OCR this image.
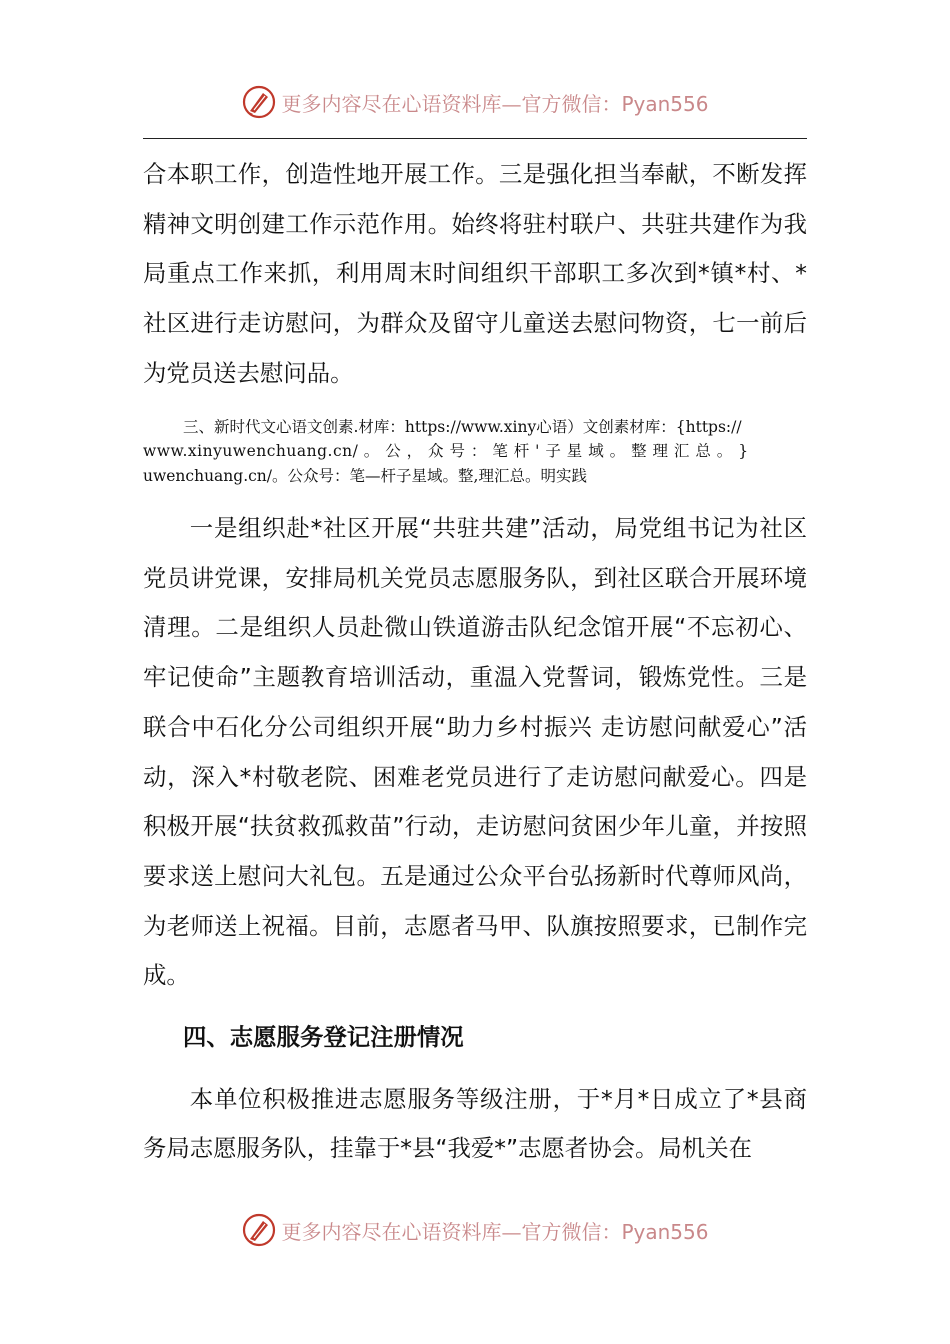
更多内容尽在心语资料库—官方微信：Pyan556

合本职工作，创造性地开展工作。三是强化担当奉献，不断发挥精神文明创建工作示范作用。始终将驻村联户、共驻共建作为我局重点工作来抓，利用周末时间组织干部职工多次到*镇*村、*社区进行走访慰问，为群众及留守儿童送去慰问物资，七一前后为党员送去慰问品。

三、新时代文心语文创素.材库：https://www.xiny心语）文创素材库：{https://
www.xinyuwenchuang.cn/ 。 公 ， 众 号 ： 笔 杆 ' 子 星 域 。 整 理 汇 总 。 }
uwenchuang.cn/。公众号：笔—杆子星域。整,理汇总。明实践

一是组织赴*社区开展“共驻共建”活动，局党组书记为社区党员讲党课，安排局机关党员志愿服务队，到社区联合开展环境清理。二是组织人员赴微山铁道游击队纪念馆开展“不忘初心、牢记使命”主题教育培训活动，重温入党誓词，锻炼党性。三是联合中石化分公司组织开展“助力乡村振兴 走访慰问献爱心”活动，深入*村敬老院、困难老党员进行了走访慰问献爱心。四是积极开展“扶贫救孤救苗”行动，走访慰问贫困少年儿童，并按照要求送上慰问大礼包。五是通过公众平台弘扬新时代尊师风尚，为老师送上祝福。目前，志愿者马甲、队旗按照要求，已制作完成。

四、志愿服务登记注册情况

本单位积极推进志愿服务等级注册，于*月*日成立了*县商务局志愿服务队，挂靠于*县“我爱*”志愿者协会。局机关在

更多内容尽在心语资料库—官方微信：Pyan556
